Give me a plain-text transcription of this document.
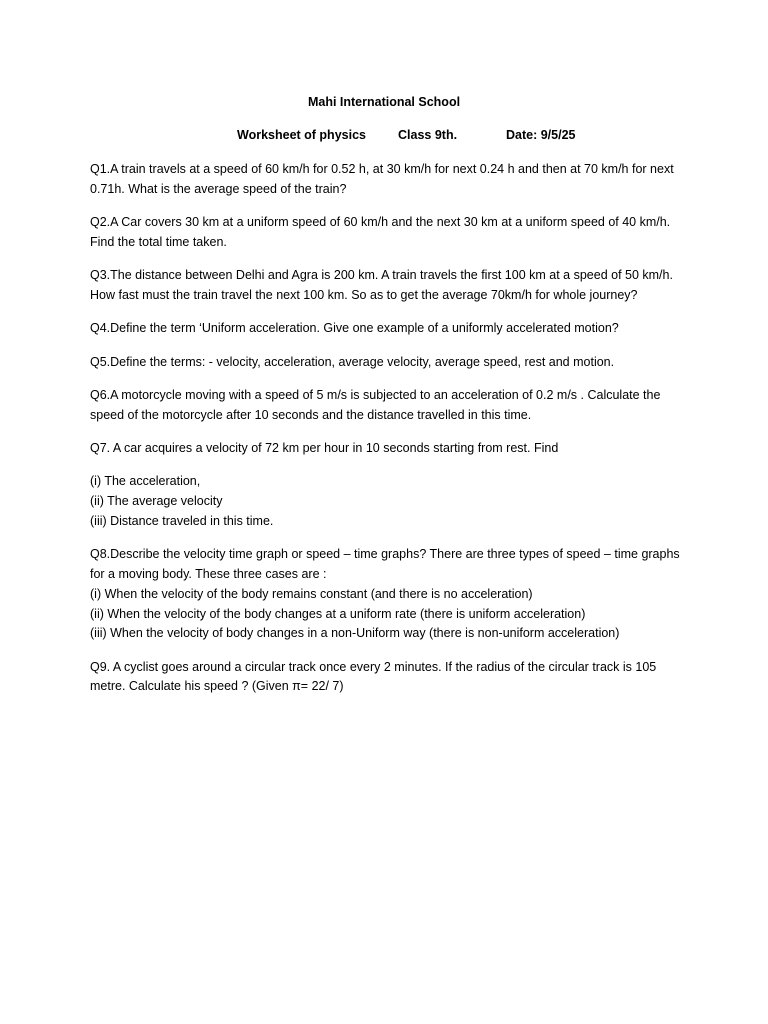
Mahi International School
Worksheet of physics	Class 9th.	Date: 9/5/25

Q1.A train travels at a speed of 60 km/h for 0.52 h, at 30 km/h for next 0.24 h and then at 70 km/h for next 0.71h. What is the average speed of the train?

Q2.A Car covers 30 km at a uniform speed of 60 km/h and the next 30 km at a uniform speed of 40 km/h. Find the total time taken.

Q3.The distance between Delhi and Agra is 200 km. A train travels the first 100 km at a speed of 50 km/h. How fast must the train travel the next 100 km. So as to get the average 70km/h for whole journey?

Q4.Define the term ‘Uniform acceleration. Give one example of a uniformly accelerated motion?

Q5.Define the terms: - velocity, acceleration, average velocity, average speed, rest and motion.

Q6.A motorcycle moving with a speed of 5 m/s is subjected to an acceleration of 0.2 m/s . Calculate the speed of the motorcycle after 10 seconds and the distance travelled in this time.

Q7. A car acquires a velocity of 72 km per hour in 10 seconds starting from rest. Find

(i) The acceleration,
(ii) The average velocity
(iii) Distance traveled in this time.
Q8.Describe the velocity time graph or speed – time graphs? There are three types of speed – time graphs for a moving body. These three cases are :
(i) When the velocity of the body remains constant (and there is no acceleration)
(ii) When the velocity of the body changes at a uniform rate (there is uniform acceleration)
(iii) When the velocity of body changes in a non-Uniform way (there is non-uniform acceleration)

Q9. A cyclist goes around a circular track once every 2 minutes. If the radius of the circular track is 105 metre. Calculate his speed ? (Given π= 22/ 7)
